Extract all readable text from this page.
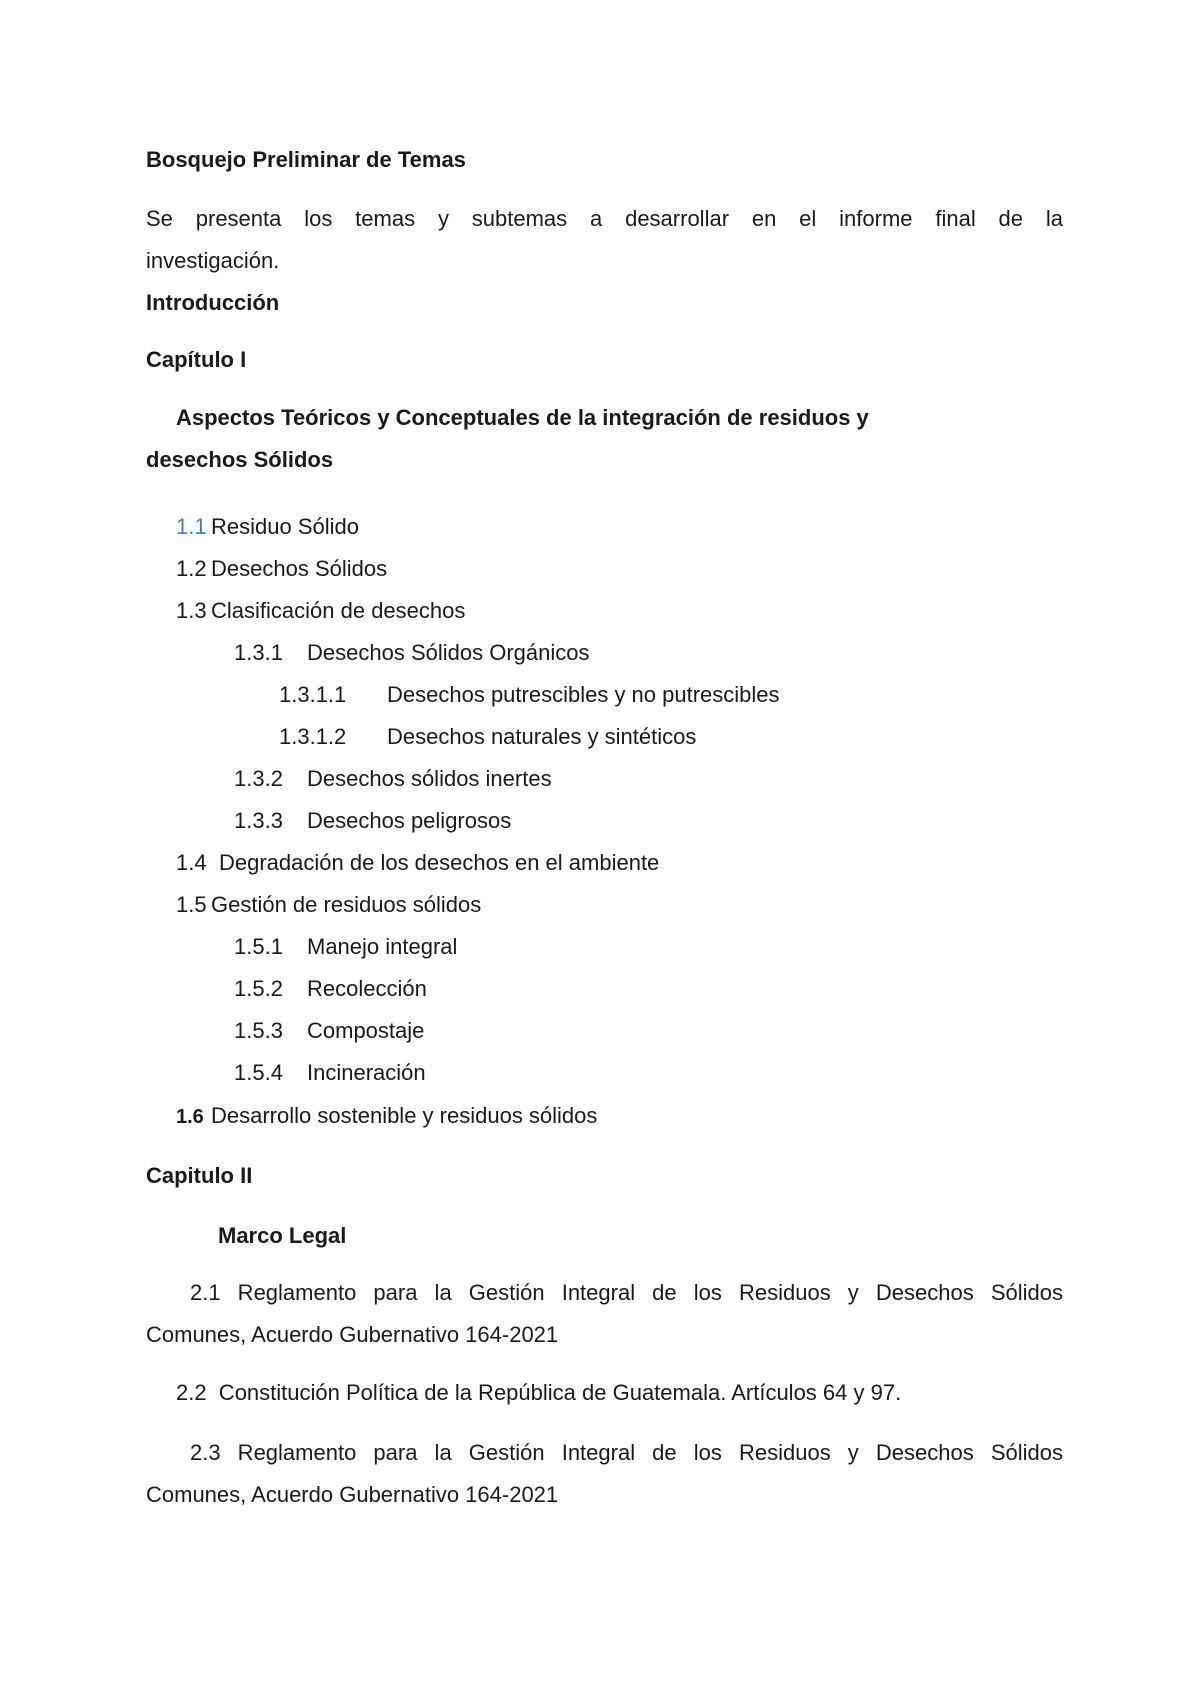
Bosquejo Preliminar de Temas
Se presenta los temas y subtemas a desarrollar en el informe final de la
investigación.
Introducción
Capítulo I
Aspectos Teóricos y Conceptuales de la integración de residuos y
desechos Sólidos
1.1 Residuo Sólido
1.2 Desechos Sólidos
1.3 Clasificación de desechos
1.3.1 Desechos Sólidos Orgánicos
1.3.1.1 Desechos putrescibles y no putrescibles
1.3.1.2 Desechos naturales y sintéticos
1.3.2 Desechos sólidos inertes
1.3.3 Desechos peligrosos
1.4 Degradación de los desechos en el ambiente
1.5 Gestión de residuos sólidos
1.5.1 Manejo integral
1.5.2 Recolección
1.5.3 Compostaje
1.5.4 Incineración
1.6 Desarrollo sostenible y residuos sólidos
Capitulo II
Marco Legal
2.1 Reglamento para la Gestión Integral de los Residuos y Desechos Sólidos
Comunes, Acuerdo Gubernativo 164-2021
2.2  Constitución Política de la República de Guatemala. Artículos 64 y 97.
2.3 Reglamento para la Gestión Integral de los Residuos y Desechos Sólidos
Comunes, Acuerdo Gubernativo 164-2021
